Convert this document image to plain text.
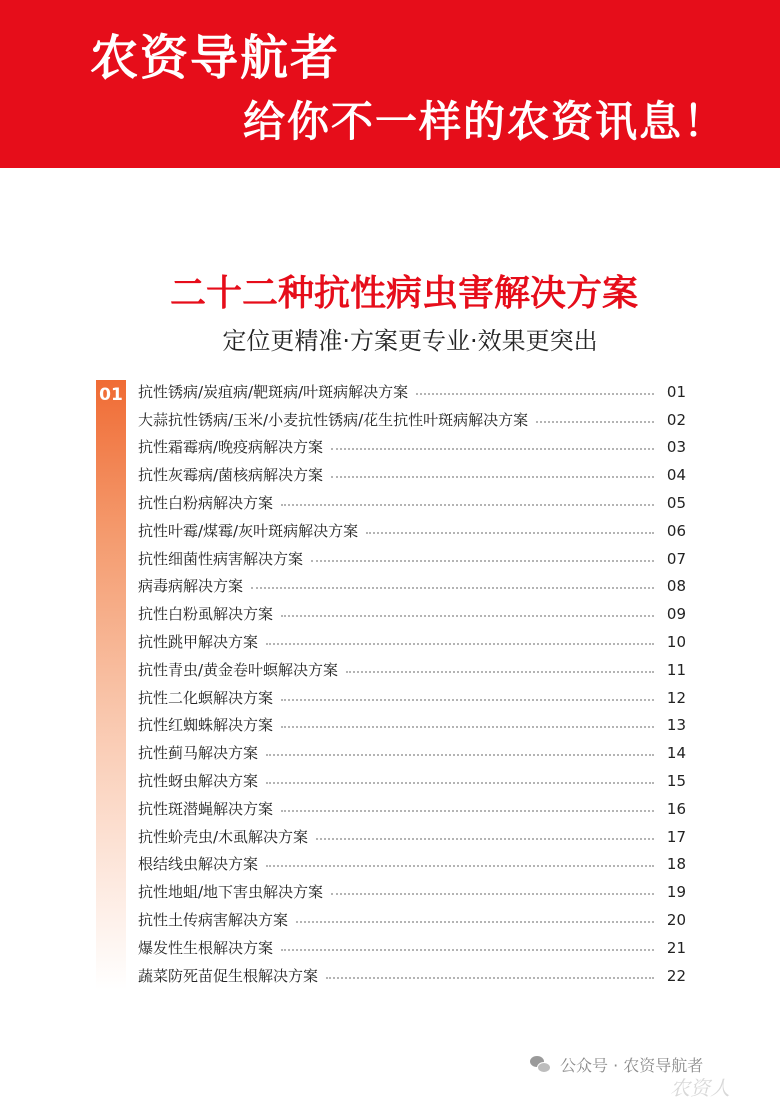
农资导航者
给你不一样的农资讯息！
二十二种抗性病虫害解决方案
定位更精准·方案更专业·效果更突出
01 抗性锈病/炭疽病/靶斑病/叶斑病解决方案	01
大蒜抗性锈病/玉米/小麦抗性锈病/花生抗性叶斑病解决方案	02
抗性霜霉病/晚疫病解决方案	03
抗性灰霉病/菌核病解决方案	04
抗性白粉病解决方案	05
抗性叶霉/煤霉/灰叶斑病解决方案	06
抗性细菌性病害解决方案	07
病毒病解决方案	08
抗性白粉虱解决方案	09
抗性跳甲解决方案	10
抗性青虫/黄金卷叶螟解决方案	11
抗性二化螟解决方案	12
抗性红蜘蛛解决方案	13
抗性蓟马解决方案	14
抗性蚜虫解决方案	15
抗性斑潜蝇解决方案	16
抗性蚧壳虫/木虱解决方案	17
根结线虫解决方案	18
抗性地蛆/地下害虫解决方案	19
抗性土传病害解决方案	20
爆发性生根解决方案	21
蔬菜防死苗促生根解决方案	22
公众号 · 农资导航者
农资人
